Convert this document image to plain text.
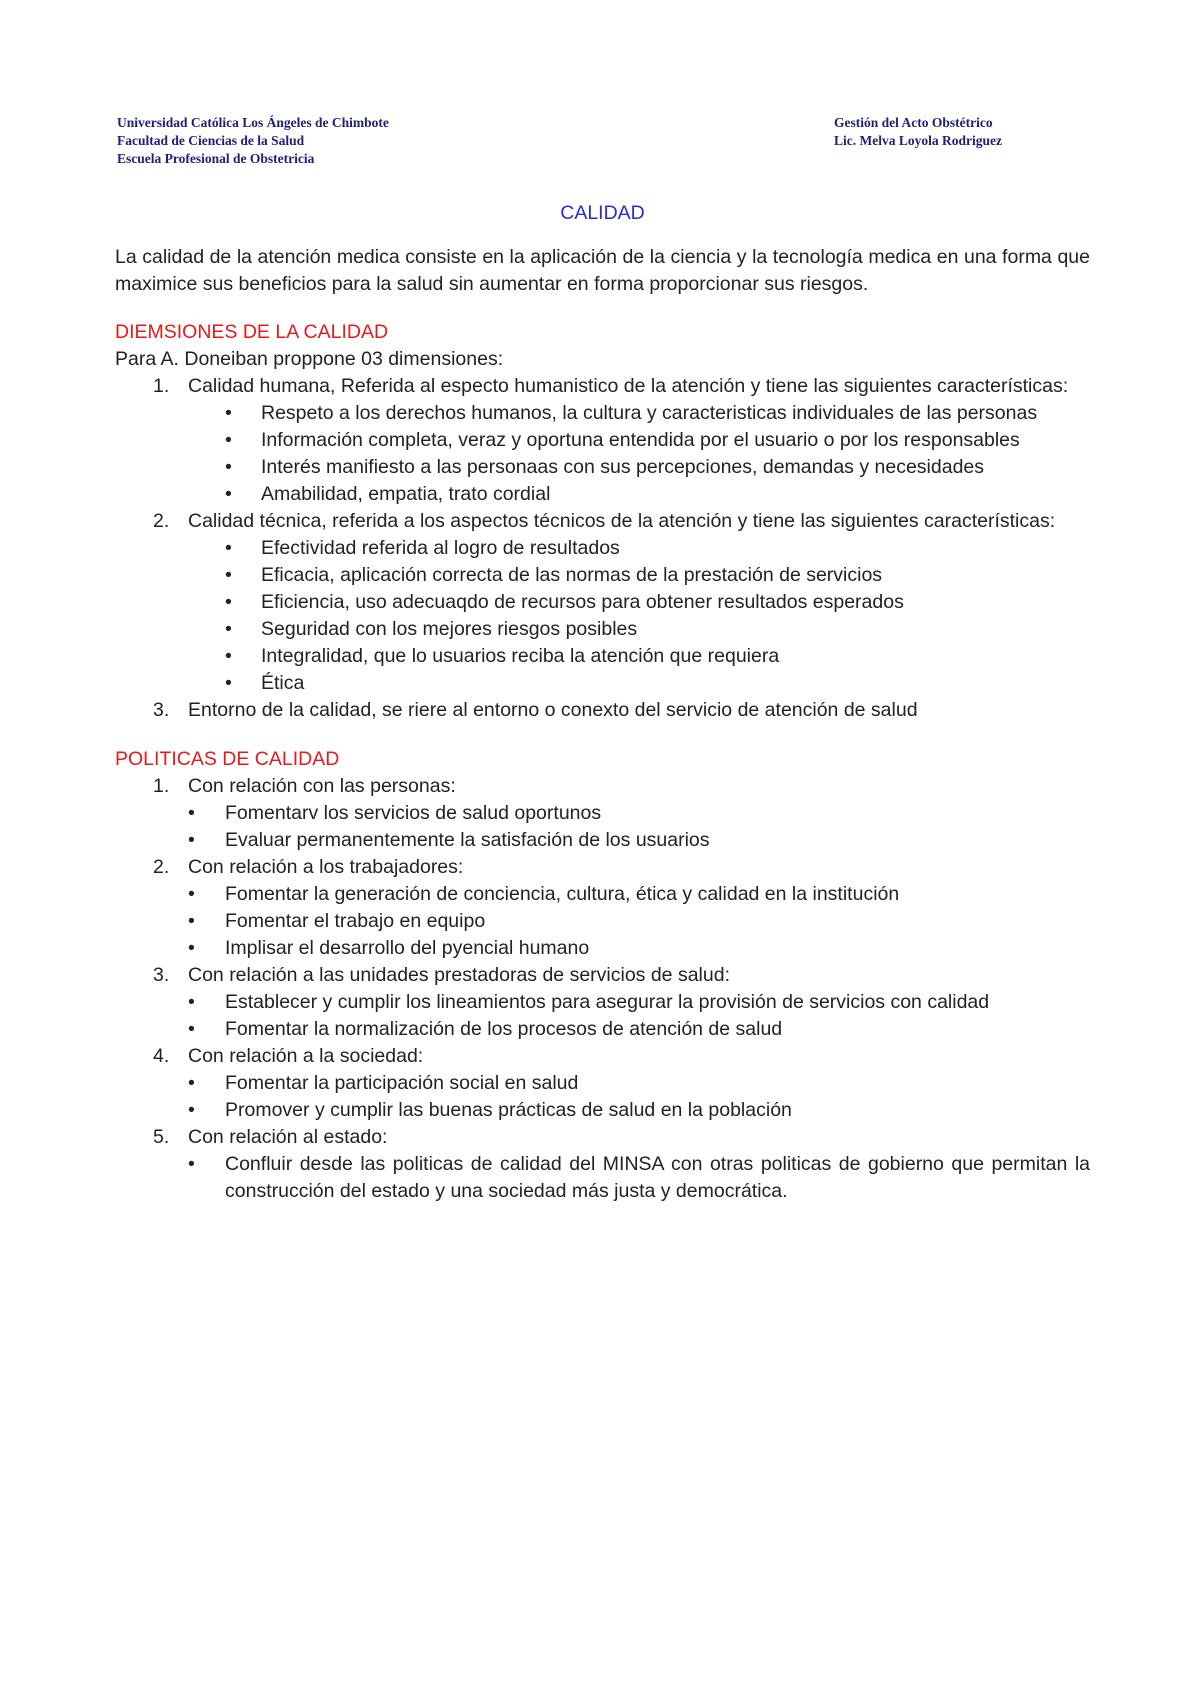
Universidad Católica Los Ángeles de Chimbote
Facultad de Ciencias de la Salud
Escuela Profesional de Obstetricia
Gestión del Acto Obstétrico
Lic. Melva Loyola Rodriguez
CALIDAD

La calidad de la atención medica consiste en la aplicación de la ciencia y la tecnología medica en una forma que maximice sus beneficios para la salud sin aumentar en forma proporcionar sus riesgos.

DIEMSIONES DE LA CALIDAD

Para A. Doneiban proppone 03 dimensiones:

1. Calidad humana, Referida al especto humanistico de la atención y tiene las siguientes características:
• Respeto a los derechos humanos, la cultura y caracteristicas individuales de las personas
• Información completa, veraz y oportuna entendida por el usuario o por los responsables
• Interés manifiesto a las personaas con sus percepciones, demandas y necesidades
• Amabilidad, empatia, trato cordial
2. Calidad técnica, referida a los aspectos técnicos de la atención y tiene las siguientes características:
• Efectividad referida al logro de resultados
• Eficacia, aplicación correcta de las normas de la prestación de servicios
• Eficiencia, uso adecuaqdo de recursos para obtener resultados esperados
• Seguridad con los mejores riesgos posibles
• Integralidad, que lo usuarios reciba la atención que requiera
• Ética
3. Entorno de la calidad, se riere al entorno o conexto del servicio de atención de salud
POLITICAS DE CALIDAD
1. Con relación con las personas:
• Fomentarv los servicios de salud oportunos
• Evaluar permanentemente la satisfación de los usuarios
2. Con relación a los trabajadores:
• Fomentar la generación de conciencia, cultura, ética y calidad en la institución
• Fomentar el trabajo en equipo
• Implisar el desarrollo del pyencial humano
3. Con relación a las unidades prestadoras de servicios de salud:
• Establecer y cumplir los lineamientos para asegurar la provisión de servicios con calidad
• Fomentar la normalización de los procesos de atención de salud
4. Con relación a la sociedad:
• Fomentar la participación social en salud
• Promover y cumplir las buenas prácticas de salud en la población
5. Con relación al estado:
• Confluir desde las politicas de calidad del MINSA con otras politicas de gobierno que permitan la construcción del estado y una sociedad más justa y democrática.
